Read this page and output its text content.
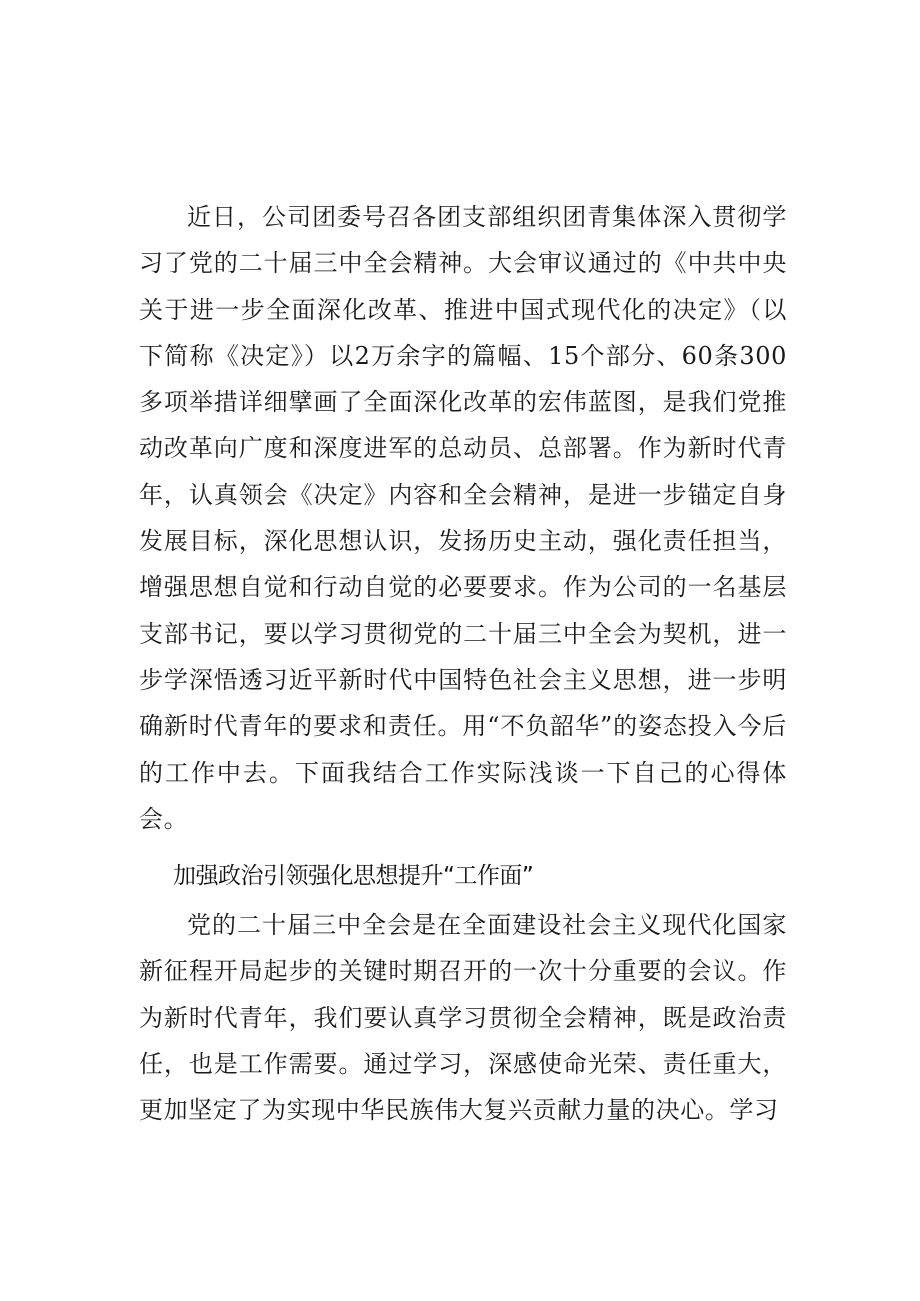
近日，公司团委号召各团支部组织团青集体深入贯彻学习了党的二十届三中全会精神。大会审议通过的《中共中央关于进一步全面深化改革、推进中国式现代化的决定》（以下简称《决定》）以2万余字的篇幅、15个部分、60条300多项举措详细擘画了全面深化改革的宏伟蓝图，是我们党推动改革向广度和深度进军的总动员、总部署。作为新时代青年，认真领会《决定》内容和全会精神，是进一步锚定自身发展目标，深化思想认识，发扬历史主动，强化责任担当，增强思想自觉和行动自觉的必要要求。作为公司的一名基层支部书记，要以学习贯彻党的二十届三中全会为契机，进一步学深悟透习近平新时代中国特色社会主义思想，进一步明确新时代青年的要求和责任。用“不负韶华”的姿态投入今后的工作中去。下面我结合工作实际浅谈一下自己的心得体会。

加强政治引领强化思想提升“工作面”

党的二十届三中全会是在全面建设社会主义现代化国家新征程开局起步的关键时期召开的一次十分重要的会议。作为新时代青年，我们要认真学习贯彻全会精神，既是政治责任，也是工作需要。通过学习，深感使命光荣、责任重大，更加坚定了为实现中华民族伟大复兴贡献力量的决心。学习
